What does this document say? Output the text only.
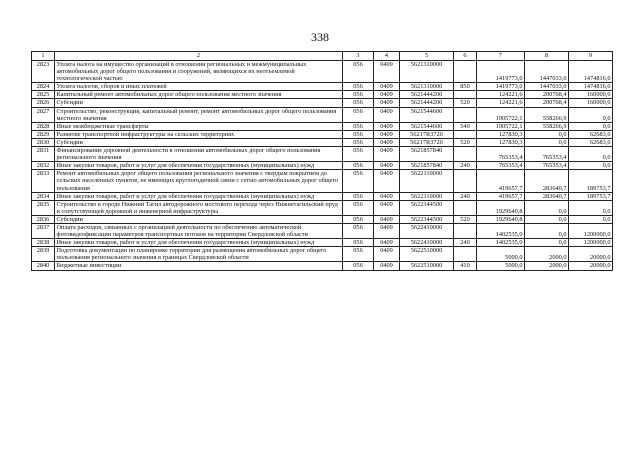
338
1	2	3	4	5	6	7	8	9
2823	Уплата налога на имущество организаций в отношении региональных и межмуниципальных автомобильных дорог общего пользования и сооружений, являющихся их неотъемлемой технологической частью	056	0409	5621310000		1419773,0	1447033,0	1474816,0
2824	Уплата налогов, сборов и иных платежей	056	0409	5621310000	850	1419773,0	1447033,0	1474816,0
2825	Капитальный ремонт автомобильных дорог общего пользования местного значения	056	0409	5621444200		124221,6	200768,4	160000,0
2826	Субсидии	056	0409	5621444200	520	124221,6	200768,4	160000,0
2827	Строительство, реконструкция, капитальный ремонт, ремонт автомобильных дорог общего пользования местного значения	056	0409	5621544600		1905722,1	558266,9	0,0
2828	Иные межбюджетные трансферты	056	0409	5621544600	540	1905722,1	558266,9	0,0
2829	Развитие транспортной инфраструктуры на сельских территориях	056	0409	56217R3720		127830,3	0,0	62683,0
2830	Субсидии	056	0409	56217R3720	520	127830,3	0,0	62683,0
2831	Финансирование дорожной деятельности в отношении автомобильных дорог общего пользования регионального значения	056	0409	5621857840		765353,4	765353,4	0,0
2832	Иные закупки товаров, работ и услуг для обеспечения государственных (муниципальных) нужд	056	0409	5621857840	240	765353,4	765353,4	0,0
2833	Ремонт автомобильных дорог общего пользования регионального значения с твердым покрытием до сельских населенных пунктов, не имеющих круглогодичной связи с сетью автомобильных дорог общего пользования	056	0409	5622110000		419657,7	283640,7	189753,7
2834	Иные закупки товаров, работ и услуг для обеспечения государственных (муниципальных) нужд	056	0409	5622110000	240	419657,7	283640,7	189753,7
2835	Строительство в городе Нижний Тагил автодорожного мостового перехода через Нижнетагильский пруд и сопутствующей дорожной и инженерной инфраструктуры	056	0409	5622344500		1929640,8	0,0	0,0
2836	Субсидии	056	0409	5622344500	520	1929640,8	0,0	0,0
2837	Оплата расходов, связанных с организацией деятельности по обеспечению автоматической фотовидеофиксации параметров транспортных потоков на территории Свердловской области	056	0409	5622410000		1402535,0	0,0	1200000,0
2838	Иные закупки товаров, работ и услуг для обеспечения государственных (муниципальных) нужд	056	0409	5622410000	240	1402535,0	0,0	1200000,0
2839	Подготовка документации по планировке территории для размещения автомобильных дорог общего пользования регионального значения в границах Свердловской области	056	0409	5622510000		5000,0	2000,0	20000,0
2840	Бюджетные инвестиции	056	0409	5622510000	410	5000,0	2000,0	20000,0
